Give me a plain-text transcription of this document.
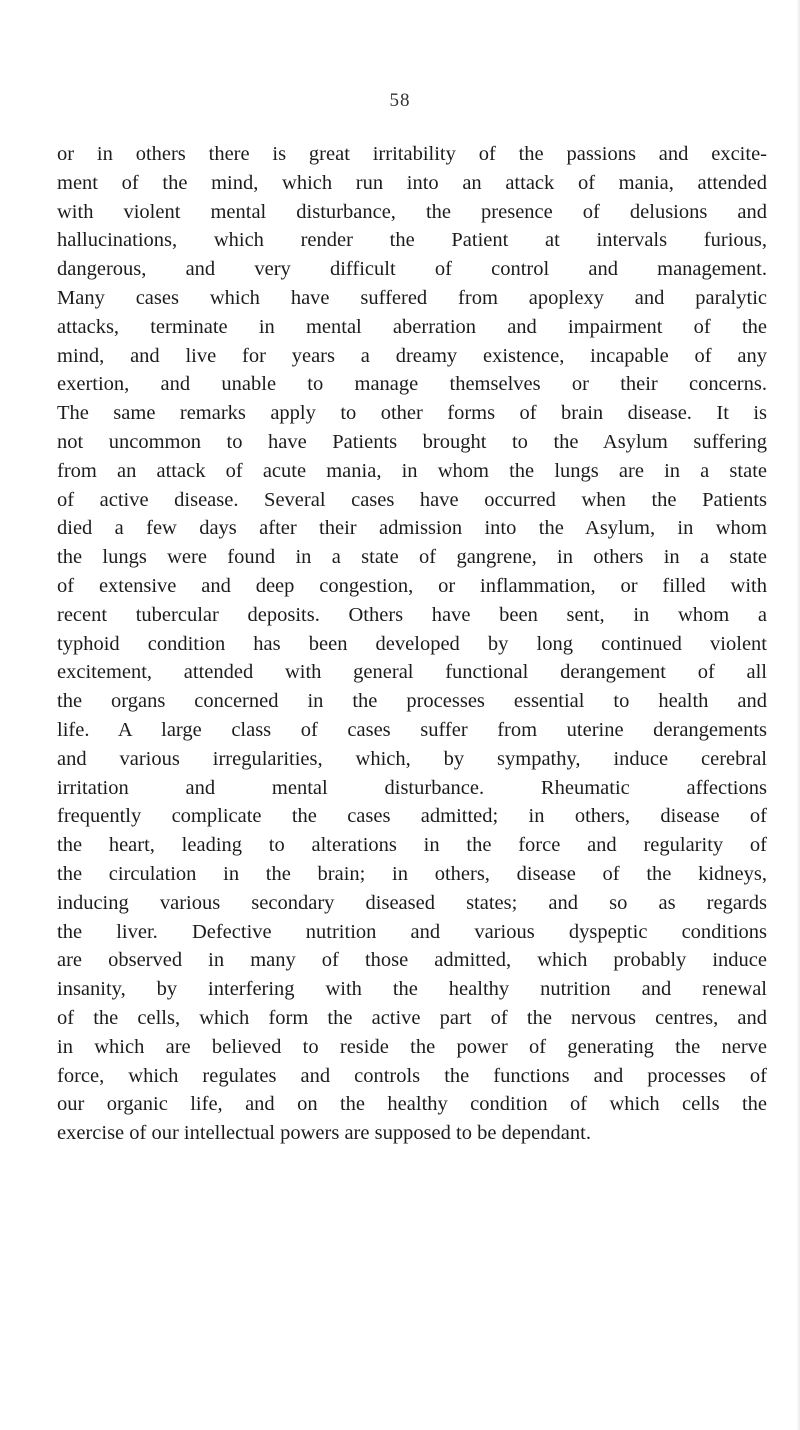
58
or in others there is great irritability of the passions and excite-
ment of the mind, which run into an attack of mania, attended
with violent mental disturbance, the presence of delusions and
hallucinations, which render the Patient at intervals furious,
dangerous, and very difficult of control and management.
Many cases which have suffered from apoplexy and paralytic
attacks, terminate in mental aberration and impairment of the
mind, and live for years a dreamy existence, incapable of any
exertion, and unable to manage themselves or their concerns.
The same remarks apply to other forms of brain disease. It is
not uncommon to have Patients brought to the Asylum suffering
from an attack of acute mania, in whom the lungs are in a state
of active disease. Several cases have occurred when the Patients
died a few days after their admission into the Asylum, in whom
the lungs were found in a state of gangrene, in others in a state
of extensive and deep congestion, or inflammation, or filled with
recent tubercular deposits. Others have been sent, in whom a
typhoid condition has been developed by long continued violent
excitement, attended with general functional derangement of all
the organs concerned in the processes essential to health and
life. A large class of cases suffer from uterine derangements
and various irregularities, which, by sympathy, induce cerebral
irritation and mental disturbance. Rheumatic affections
frequently complicate the cases admitted; in others, disease of
the heart, leading to alterations in the force and regularity of
the circulation in the brain; in others, disease of the kidneys,
inducing various secondary diseased states; and so as regards
the liver. Defective nutrition and various dyspeptic conditions
are observed in many of those admitted, which probably induce
insanity, by interfering with the healthy nutrition and renewal
of the cells, which form the active part of the nervous centres, and
in which are believed to reside the power of generating the nerve
force, which regulates and controls the functions and processes of
our organic life, and on the healthy condition of which cells the
exercise of our intellectual powers are supposed to be dependant.
